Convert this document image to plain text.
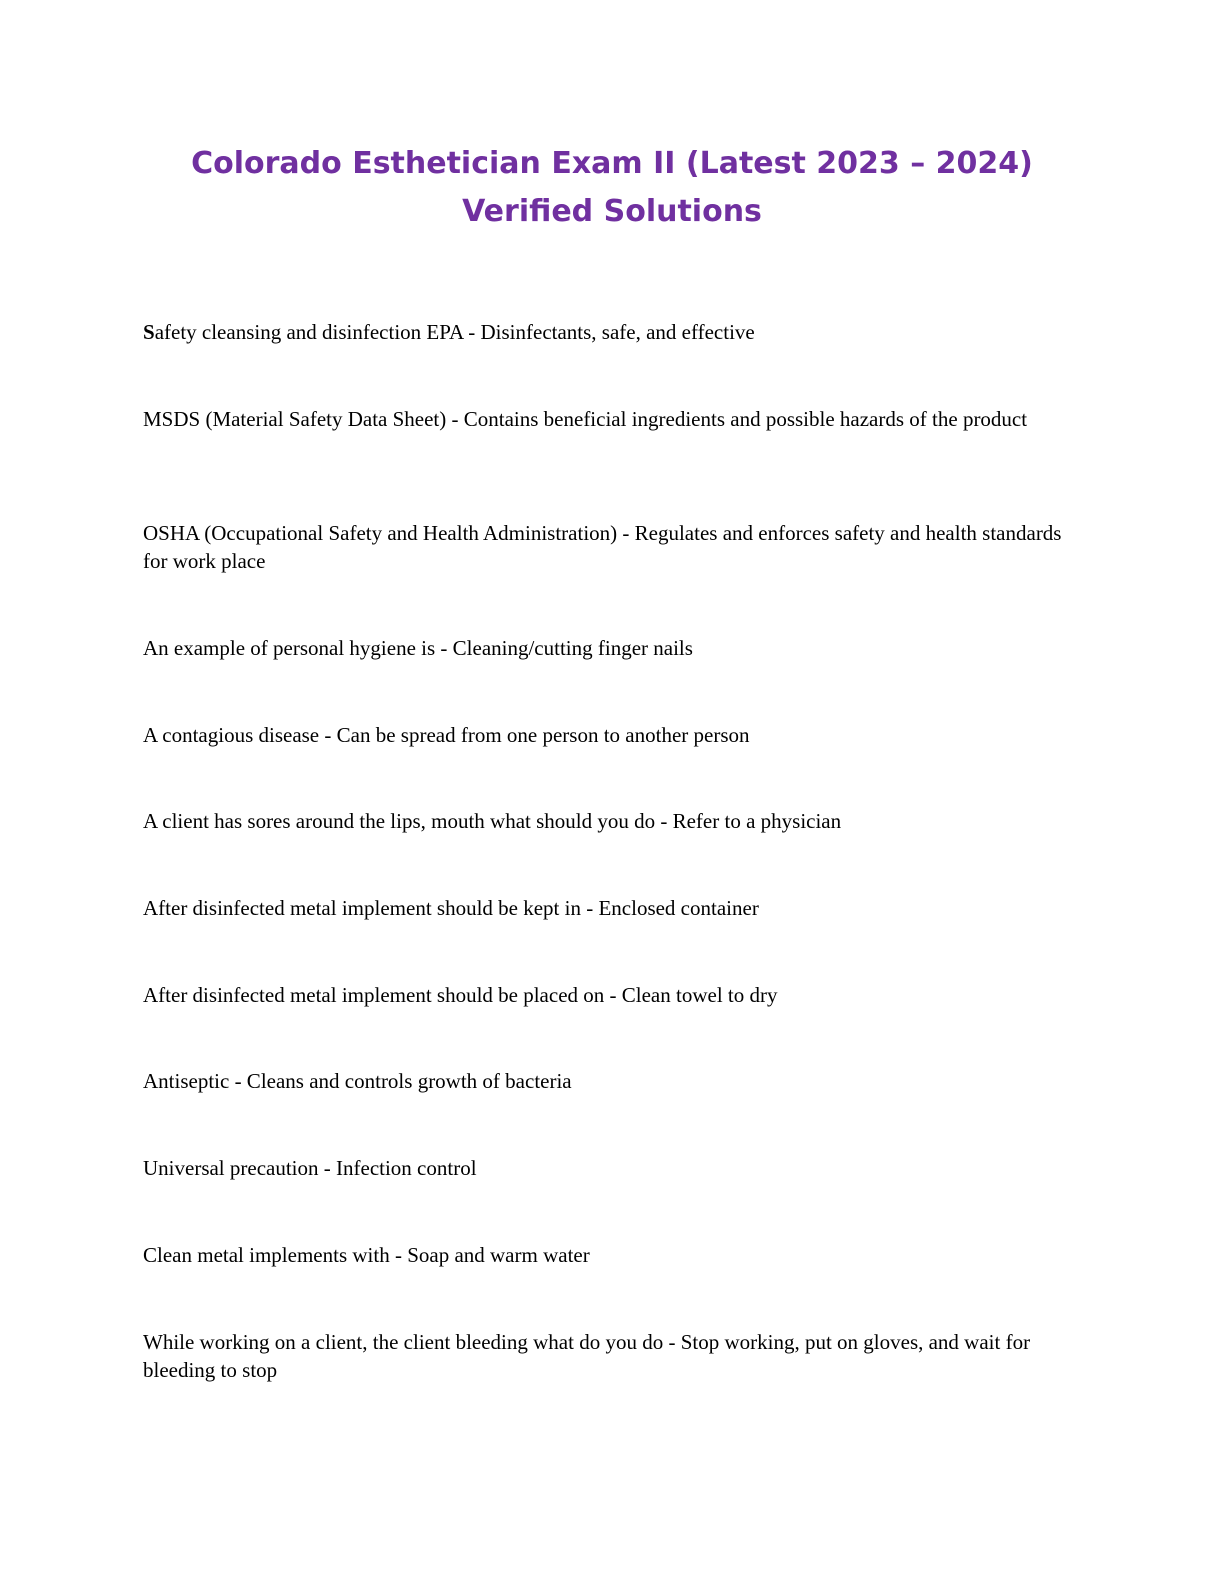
Colorado Esthetician Exam II (Latest 2023 – 2024)
Verified Solutions

Safety cleansing and disinfection EPA - Disinfectants, safe, and effective

MSDS (Material Safety Data Sheet) - Contains beneficial ingredients and possible hazards of the product

OSHA (Occupational Safety and Health Administration) - Regulates and enforces safety and health standards for work place

An example of personal hygiene is - Cleaning/cutting finger nails

A contagious disease - Can be spread from one person to another person

A client has sores around the lips, mouth what should you do - Refer to a physician

After disinfected metal implement should be kept in - Enclosed container

After disinfected metal implement should be placed on - Clean towel to dry

Antiseptic - Cleans and controls growth of bacteria

Universal precaution - Infection control

Clean metal implements with - Soap and warm water

While working on a client, the client bleeding what do you do - Stop working, put on gloves, and wait for bleeding to stop
